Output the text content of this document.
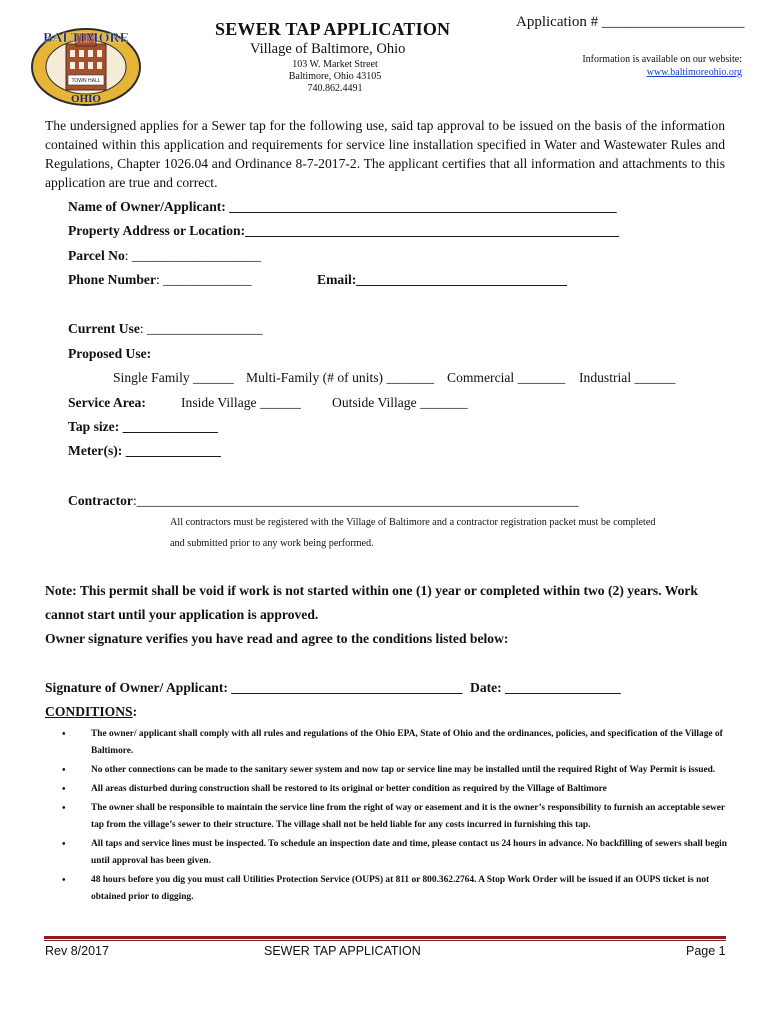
TOWN HALL
BALTIMORE
OHIO
SEWER TAP APPLICATION	Application # ___________________
Village of Baltimore, Ohio
103 W. Market Street
Baltimore, Ohio 43105
740.862.4491
Information is available on our website:
www.baltimoreohio.org
The undersigned applies for a Sewer tap for the following use, said tap approval to be issued on the basis of the information contained within this application and requirements for service line installation specified in Water and Wastewater Rules and Regulations, Chapter 1026.04 and Ordinance 8-7-2017-2. The applicant certifies that all information and attachments to this application are true and correct.
Name of Owner/Applicant: _________________________________________________________
Property Address or Location:_______________________________________________________
Parcel No: ___________________
Phone Number: _____________	Email:_______________________________
Current Use: _________________
Proposed Use:
Single Family ______ Multi-Family (# of units) _______ Commercial _______ Industrial ______
Service Area:	Inside Village ______ Outside Village _______
Tap size: ______________
Meter(s): ______________
Contractor:_________________________________________________________________
All contractors must be registered with the Village of Baltimore and a contractor registration packet must be completed
and submitted prior to any work being performed.
Note: This permit shall be void if work is not started within one (1) year or completed within two (2) years. Work
cannot start until your application is approved.
Owner signature verifies you have read and agree to the conditions listed below:
Signature of Owner/ Applicant: __________________________________ Date: _________________
CONDITIONS:
• The owner/ applicant shall comply with all rules and regulations of the Ohio EPA, State of Ohio and the ordinances, policies, and specification of the Village of Baltimore.
• No other connections can be made to the sanitary sewer system and now tap or service line may be installed until the required Right of Way Permit is issued.
• All areas disturbed during construction shall be restored to its original or better condition as required by the Village of Baltimore
• The owner shall be responsible to maintain the service line from the right of way or easement and it is the owner’s responsibility to furnish an acceptable sewer tap from the village’s sewer to their structure. The village shall not be held liable for any costs incurred in furnishing this tap.
• All taps and service lines must be inspected. To schedule an inspection date and time, please contact us 24 hours in advance. No backfilling of sewers shall begin until approval has been given.
• 48 hours before you dig you must call Utilities Protection Service (OUPS) at 811 or 800.362.2764. A Stop Work Order will be issued if an OUPS ticket is not obtained prior to digging.
Rev 8/2017	SEWER TAP APPLICATION	Page 1
